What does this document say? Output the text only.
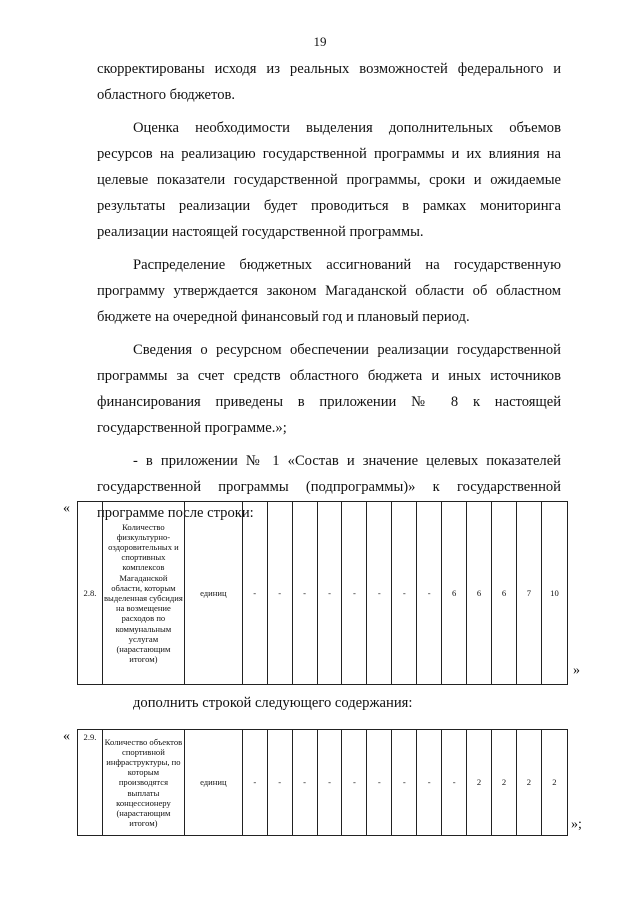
19

скорректированы исходя из реальных возможностей федерального и областного бюджетов.

Оценка необходимости выделения дополнительных объемов ресурсов на реализацию государственной программы и их влияния на целевые показатели государственной программы, сроки и ожидаемые результаты реализации будет проводиться в рамках мониторинга реализации настоящей государственной программы.

Распределение бюджетных ассигнований на государственную программу утверждается законом Магаданской области об областном бюджете на очередной финансовый год и плановый период.

Сведения о ресурсном обеспечении реализации государственной программы за счет средств областного бюджета и иных источников финансирования приведены в приложении № 8 к настоящей государственной программе.»;

- в приложении № 1 «Состав и значение целевых показателей государственной программы (подпрограммы)» к государственной программе после строки:

«
2.8.	Количество физкультурно-оздоровительных и спортивных комплексов Магаданской области, которым выделенная субсидия на возмещение расходов по коммунальным услугам (нарастающим итогом)	единиц	-	-	-	-	-	-	-	-	6	6	6	7	10
»
дополнить строкой следующего содержания:
« 2.9.	Количество объектов спортивной инфраструктуры, по которым производятся выплаты концессионеру (нарастающим итогом)	единиц	-	-	-	-	-	-	-	-	-	2	2	2	2
»;
